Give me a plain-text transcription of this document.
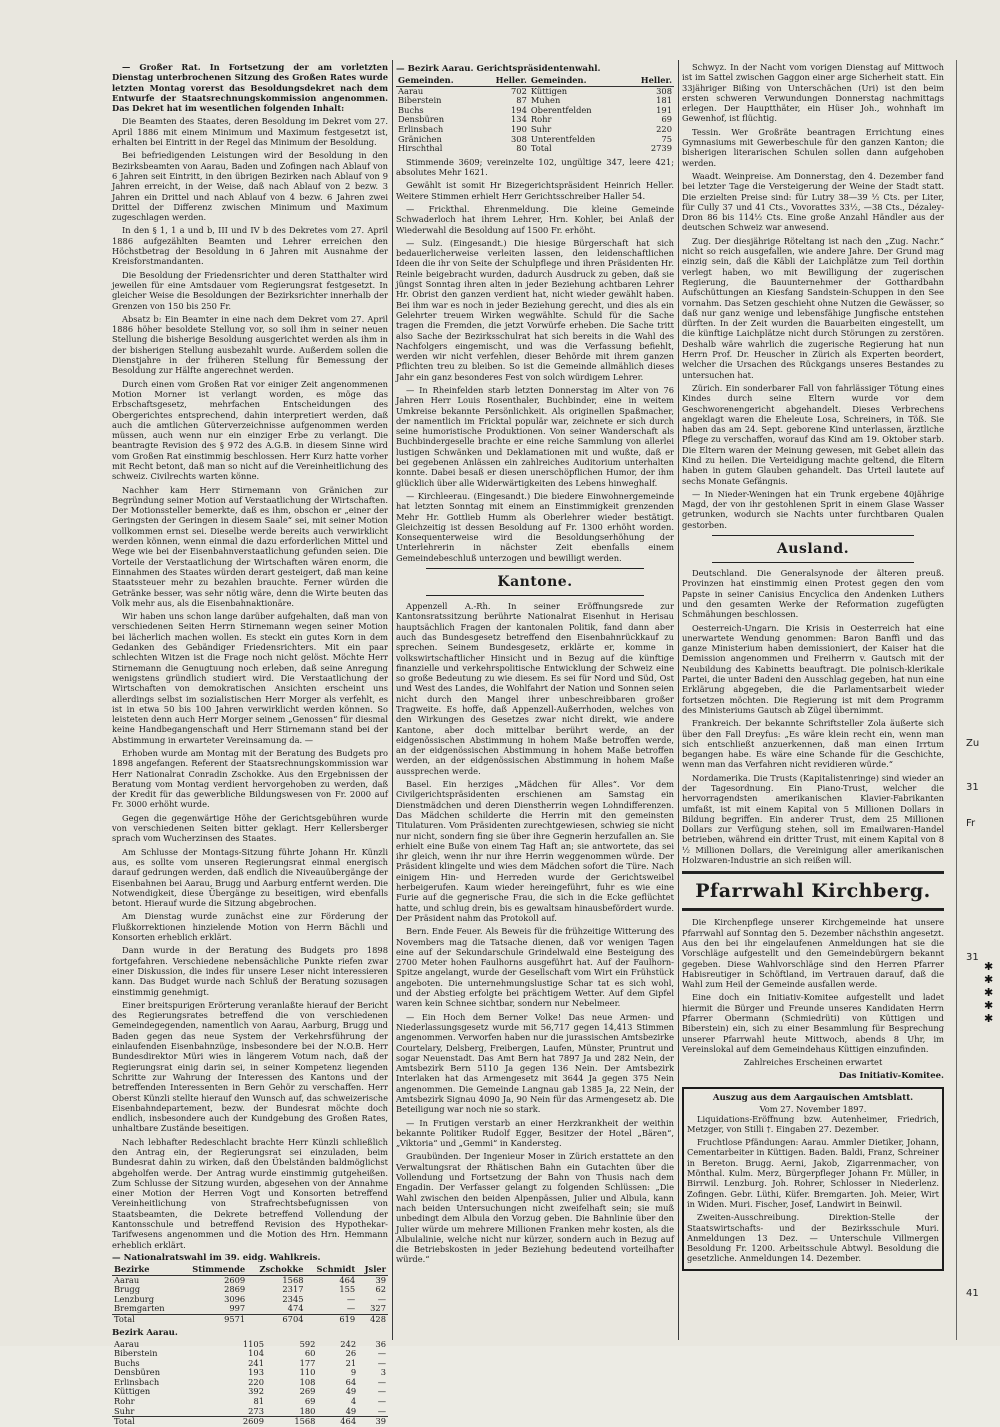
— Großer Rat. In Fortsetzung der am vorletzten Dienstag unterbrochenen Sitzung des Großen Rates wurde letzten Montag vorerst das Besoldungsdekret nach dem Entwurfe der Staatsrechnungskommission angenommen. Das Dekret hat im wesentlichen folgenden Inhalt:

Die Beamten des Staates, deren Besoldung im Dekret vom 27. April 1886 mit einem Minimum und Maximum festgesetzt ist, erhalten bei Eintritt in der Regel das Minimum der Besoldung.

Bei befriedigenden Leistungen wird der Besoldung in den Bezirksbeamten von Aarau, Baden und Zofingen nach Ablauf von 6 Jahren seit Eintritt, in den übrigen Bezirken nach Ablauf von 9 Jahren erreicht, in der Weise, daß nach Ablauf von 2 bezw. 3 Jahren ein Drittel und nach Ablauf von 4 bezw. 6 Jahren zwei Drittel der Differenz zwischen Minimum und Maximum zugeschlagen werden.

In den § 1, 1 a und b, III und IV b des Dekretes vom 27. April 1886 aufgezählten Beamten und Lehrer erreichen den Höchstbetrag der Besoldung in 6 Jahren mit Ausnahme der Kreisforstmandanten.

Die Besoldung der Friedensrichter und deren Statthalter wird jeweilen für eine Amtsdauer vom Regierungsrat festgesetzt. In gleicher Weise die Besoldungen der Bezirksrichter innerhalb der Grenzen von 150 bis 250 Fr.

Absatz b: Ein Beamter in eine nach dem Dekret vom 27. April 1886 höher besoldete Stellung vor, so soll ihm in seiner neuen Stellung die bisherige Besoldung ausgerichtet werden als ihm in der bisherigen Stellung ausbezahlt wurde. Außerdem sollen die Dienstjahre in der früheren Stellung für Bemessung der Besoldung zur Hälfte angerechnet werden.

Durch einen vom Großen Rat vor einiger Zeit angenommenen Motion Morner ist verlangt worden, es möge das Erbschaftsgesetz, mehrfachen Entscheidungen des Obergerichtes entsprechend, dahin interpretiert werden, daß auch die amtlichen Güterverzeichnisse aufgenommen werden müssen, auch wenn nur ein einziger Erbe zu verlangt. Die beantragte Revision des § 972 des A.G.B. in diesem Sinne wird vom Großen Rat einstimmig beschlossen. Herr Kurz hatte vorher mit Recht betont, daß man so nicht auf die Vereinheitlichung des schweiz. Civilrechts warten könne.

Nachher kam Herr Stirnemann von Gränichen zur Begründung seiner Motion auf Verstaatlichung der Wirtschaften. Der Motionssteller bemerkte, daß es ihm, obschon er „einer der Geringsten der Geringen in diesem Saale“ sei, mit seiner Motion vollkommen ernst sei. Dieselbe werde bereits auch verwirklicht werden können, wenn einmal die dazu erforderlichen Mittel und Wege wie bei der Eisenbahnverstaatlichung gefunden seien. Die Vorteile der Verstaatlichung der Wirtschaften wären enorm, die Einnahmen des Staates würden derart gesteigert, daß man keine Staatssteuer mehr zu bezahlen brauchte. Ferner würden die Getränke besser, was sehr nötig wäre, denn die Wirte beuten das Volk mehr aus, als die Eisenbahnaktionäre.

Wir haben uns schon lange darüber aufgehalten, daß man von verschiedenen Seiten Herrn Stirnemann wegen seiner Motion bei lächerlich machen wollen. Es steckt ein gutes Korn in dem Gedanken des Gebändiger Friedensrichters. Mit ein paar schlechten Witzen ist die Frage noch nicht gelöst. Möchte Herr Stirnemann die Genugtuung noch erleben, daß seine Anregung wenigstens gründlich studiert wird. Die Verstaatlichung der Wirtschaften von demokratischen Ansichten erscheint uns allerdings selbst im sozialistischen Herr Morger als verfehlt, es ist in etwa 50 bis 100 Jahren verwirklicht werden können. So leisteten denn auch Herr Morger seinem „Genossen“ für diesmal keine Handbegangenschaft und Herr Stirnemann stand bei der Abstimmung in erwarteter Vereinsamung da. —

Erhoben wurde am Montag mit der Beratung des Budgets pro 1898 angefangen. Referent der Staatsrechnungskommission war Herr Nationalrat Conradin Zschokke. Aus den Ergebnissen der Beratung vom Montag verdient hervorgehoben zu werden, daß der Kredit für das gewerbliche Bildungswesen von Fr. 2000 auf Fr. 3000 erhöht wurde.

Gegen die gegenwärtige Höhe der Gerichtsgebühren wurde von verschiedenen Seiten bitter geklagt. Herr Kellersberger sprach vom Wucherzinsen des Staates.

Am Schlusse der Montags-Sitzung führte Johann Hr. Künzli aus, es sollte vom unseren Regierungsrat einmal energisch darauf gedrungen werden, daß endlich die Niveauübergänge der Eisenbahnen bei Aarau, Brugg und Aarburg entfernt werden. Die Notwendigkeit, diese Übergänge zu beseitigen, wird ebenfalls betont. Hierauf wurde die Sitzung abgebrochen.

Am Dienstag wurde zunächst eine zur Förderung der Flußkorrektionen hinzielende Motion von Herrn Bächli und Konsorten erheblich erklärt.

Dann wurde in der Beratung des Budgets pro 1898 fortgefahren. Verschiedene nebensächliche Punkte riefen zwar einer Diskussion, die indes für unsere Leser nicht interessieren kann. Das Budget wurde nach Schluß der Beratung sozusagen einstimmig genehmigt.

Einer breitspurigen Erörterung veranlaßte hierauf der Bericht des Regierungsrates betreffend die von verschiedenen Gemeindegegenden, namentlich von Aarau, Aarburg, Brugg und Baden gegen das neue System der Verkehrsführung der einlaufenden Eisenbahnzüge, insbesondere bei der N.O.B. Herr Bundesdirektor Müri wies in längerem Votum nach, daß der Regierungsrat einig darin sei, in seiner Kompetenz liegenden Schritte zur Wahrung der Interessen des Kantons und der betreffenden Interessenten in Bern Gehör zu verschaffen. Herr Oberst Künzli stellte hierauf den Wunsch auf, das schweizerische Eisenbahndepartement, bezw. der Bundesrat möchte doch endlich, insbesondere auch der Kundgebung des Großen Rates, unhaltbare Zustände beseitigen.

Nach lebhafter Redeschlacht brachte Herr Künzli schließlich den Antrag ein, der Regierungsrat sei einzuladen, beim Bundesrat dahin zu wirken, daß den Übelständen baldmöglichst abgeholfen werde. Der Antrag wurde einstimmig gutgeheißen. Zum Schlusse der Sitzung wurden, abgesehen von der Annahme einer Motion der Herren Vogt und Konsorten betreffend Vereinheitlichung von Strafrechtsbefugnissen von Staatsbeamten, die Dekrete betreffend Vollendung der Kantonsschule und betreffend Revision des Hypothekar-Tarifwesens angenommen und die Motion des Hrn. Hemmann erheblich erklärt.

— Nationalratswahl im 39. eidg. Wahlkreis.
Bezirke	Stimmende	Zschokke	Schmidt	Jsler
Aarau	2609	1568	464	39
Brugg	2869	2317	155	62
Lenzburg	3096	2345	—	—
Bremgarten	997	474	—	327
Total	9571	6704	619	428
Bezirk Aarau.
Aarau	1105	592	242	36
Biberstein	104	60	26	—
Buchs	241	177	21	—
Densbüren	193	110	9	3
Erlinsbach	220	108	64	—
Küttigen	392	269	49	—
Rohr	81	69	4	—
Suhr	273	180	49	—
Total	2609	1568	464	39
— Bezirk Aarau. Gerichtspräsidentenwahl.
Gemeinden.	Heller.	Gemeinden.	Heller.
Aarau	702	Küttigen	308
Biberstein	87	Muhen	181
Buchs	194	Oberentfelden	191
Densbüren	134	Rohr	69
Erlinsbach	190	Suhr	220
Gränichen	308	Unterentfelden	75
Hirschthal	80	Total	2739

Stimmende 3609; vereinzelte 102, ungültige 347, leere 421; absolutes Mehr 1621.

Gewählt ist somit Hr Bizegerichtspräsident Heinrich Heller. Weitere Stimmen erhielt Herr Gerichtsschreiber Haller 54.

— Frickthal. Ehrenmeldung. Die kleine Gemeinde Schwaderloch hat ihrem Lehrer, Hrn. Kohler, bei Anlaß der Wiederwahl die Besoldung auf 1500 Fr. erhöht.

— Sulz. (Eingesandt.) Die hiesige Bürgerschaft hat sich bedauerlicherweise verleiten lassen, den leidenschaftlichen Ideen die ihr von Seite der Schulpflege und ihren Präsidenten Hr. Reinle beigebracht wurden, dadurch Ausdruck zu geben, daß sie jüngst Sonntag ihren alten in jeder Beziehung achtbaren Lehrer Hr. Obrist den ganzen verdient hat, nicht wieder gewählt haben. Bei ihm war es noch in jeder Beziehung gerecht, und dies als ein Gelehrter treuem Wirken wegwählte. Schuld für die Sache tragen die Fremden, die jetzt Vorwürfe erheben. Die Sache tritt also Sache der Bezirksschulrat hat sich bereits in die Wahl des Nachfolgers eingemischt, und was die Verfassung befiehlt, werden wir nicht verfehlen, dieser Behörde mit ihrem ganzen Pflichten treu zu bleiben. So ist die Gemeinde allmählich dieses Jahr ein ganz besonderes Fest von solch würdigem Lehrer.

— In Rheinfelden starb letzten Donnerstag im Alter von 76 Jahren Herr Louis Rosenthaler, Buchbinder, eine in weitem Umkreise bekannte Persönlichkeit. Als originellen Spaßmacher, der namentlich im Fricktal populär war, zeichnete er sich durch seine humoristische Produktionen. Von seiner Wanderschaft als Buchbindergeselle brachte er eine reiche Sammlung von allerlei lustigen Schwänken und Deklamationen mit und wußte, daß er bei gegebenen Anlässen ein zahlreiches Auditorium unterhalten konnte. Dabei besaß er diesen unerschöpflichen Humor, der ihm glücklich über alle Widerwärtigkeiten des Lebens hinweghalf.

— Kirchleerau. (Eingesandt.) Die biedere Einwohnergemeinde hat letzten Sonntag mit einem an Einstimmigkeit grenzenden Mehr Hr. Gottlieb Humm als Oberlehrer wieder bestätigt. Gleichzeitig ist dessen Besoldung auf Fr. 1300 erhöht worden. Konsequenterweise wird die Besoldungserhöhung der Unterlehrerin in nächster Zeit ebenfalls einem Gemeindebeschluß unterzogen und bewilligt werden.

Kantone.

Appenzell A.-Rh. In seiner Eröffnungsrede zur Kantonsratssitzung berührte Nationalrat Eisenhut in Herisau hauptsächlich Fragen der kantonalen Politik, fand dann aber auch das Bundesgesetz betreffend den Eisenbahnrückkauf zu sprechen. Seinem Bundesgesetz, erklärte er, komme in volkswirtschaftlicher Hinsicht und in Bezug auf die künftige finanzielle und verkehrspolitische Entwicklung der Schweiz eine so große Bedeutung zu wie diesem. Es sei für Nord und Süd, Ost und West des Landes, die Wohlfahrt der Nation und Sonnen seien nicht durch den Mangel ihrer unbeschreibbaren großer Tragweite. Es hoffe, daß Appenzell-Außerrhoden, welches von den Wirkungen des Gesetzes zwar nicht direkt, wie andere Kantone, aber doch mittelbar berührt werde, an der eidgenössischen Abstimmung in hohem Maße betroffen werde, an der eidgenössischen Abstimmung in hohem Maße betroffen werden, an der eidgenössischen Abstimmung in hohem Maße aussprechen werde.

Basel. Ein herziges „Mädchen für Alles“. Vor dem Civilgerichtspräsidenten erschienen am Samstag ein Dienstmädchen und deren Dienstherrin wegen Lohndifferenzen. Das Mädchen schilderte die Herrin mit den gemeinsten Titulaturen. Vom Präsidenten zurechtgewiesen, schwieg sie nicht nur nicht, sondern fing sie über ihre Gegnerin herzufallen an. Sie erhielt eine Buße von einem Tag Haft an; sie antwortete, das sei ihr gleich, wenn ihr nur ihre Herrin weggenommen würde. Der Präsident klingelte und wies dem Mädchen sofort die Türe. Nach einigem Hin- und Herreden wurde der Gerichtsweibel herbeigerufen. Kaum wieder hereingeführt, fuhr es wie eine Furie auf die gegnerische Frau, die sich in die Ecke geflüchtet hatte, und schlug drein, bis es gewaltsam hinausbefördert wurde. Der Präsident nahm das Protokoll auf.

Bern. Ende Feuer. Als Beweis für die frühzeitige Witterung des Novembers mag die Tatsache dienen, daß vor wenigen Tagen eine auf der Sekundarschule Grindelwald eine Besteigung des 2700 Meter hohen Faulhorns ausgeführt hat. Auf der Faulhorn-Spitze angelangt, wurde der Gesellschaft vom Wirt ein Frühstück angeboten. Die unternehmungslustige Schar tat es sich wohl, und der Abstieg erfolgte bei prächtigem Wetter. Auf dem Gipfel waren kein Schnee sichtbar, sondern nur Nebelmeer.

— Ein Hoch dem Berner Volke! Das neue Armen- und Niederlassungsgesetz wurde mit 56,717 gegen 14,413 Stimmen angenommen. Verworfen haben nur die jurassischen Amtsbezirke Courtelary, Delsberg, Freibergen, Laufen, Münster, Pruntrut und sogar Neuenstadt. Das Amt Bern hat 7897 Ja und 282 Nein, der Amtsbezirk Bern 5110 Ja gegen 136 Nein. Der Amtsbezirk Interlaken hat das Armengesetz mit 3644 Ja gegen 375 Nein angenommen. Die Gemeinde Langnau gab 1385 Ja, 22 Nein, der Amtsbezirk Signau 4090 Ja, 90 Nein für das Armengesetz ab. Die Beteiligung war noch nie so stark.

— In Frutigen verstarb an einer Herzkrankheit der weithin bekannte Politiker Rudolf Egger, Besitzer der Hotel „Bären“, „Viktoria“ und „Gemmi“ in Kandersteg.

Graubünden. Der Ingenieur Moser in Zürich erstattete an den Verwaltungsrat der Rhätischen Bahn ein Gutachten über die Vollendung und Fortsetzung der Bahn von Thusis nach dem Engadin. Der Verfasser gelangt zu folgenden Schlüssen: „Die Wahl zwischen den beiden Alpenpässen, Julier und Albula, kann nach beiden Untersuchungen nicht zweifelhaft sein; sie muß unbedingt dem Albula den Vorzug geben. Die Bahnlinie über den Julier würde um mehrere Millionen Franken mehr kosten, als die Albulalinie, welche nicht nur kürzer, sondern auch in Bezug auf die Betriebskosten in jeder Beziehung bedeutend vorteilhafter würde.“

Schwyz. In der Nacht vom vorigen Dienstag auf Mittwoch ist im Sattel zwischen Gaggon einer arge Sicherheit statt. Ein 33jähriger Bißing von Unterschächen (Uri) ist den beim ersten schweren Verwundungen Donnerstag nachmittags erlegen. Der Hauptthäter, ein Hüser Joh., wohnhaft im Gewenhof, ist flüchtig.

Tessin. Wer Großrätе beantragen Errichtung eines Gymnasiums mit Gewerbeschule für den ganzen Kanton; die bisherigen literarischen Schulen sollen dann aufgehoben werden.

Waadt. Weinpreise. Am Donnerstag, den 4. Dezember fand bei letzter Tage die Versteigerung der Weine der Stadt statt. Die erzielten Preise sind: für Lutry 38—39 ½ Cts. per Liter, für Cully 37 und 41 Cts., Vovorattes 33½, —38 Cts., Dézaley-Dron 86 bis 114½ Cts. Eine große Anzahl Händler aus der deutschen Schweiz war anwesend.

Zug. Der diesjährige Röteltang ist nach den „Zug. Nachr.“ nicht so reich ausgefallen, wie andere Jahre. Der Grund mag einzig sein, daß die Käbli der Laichplätze zum Teil dorthin verlegt haben, wo mit Bewilligung der zugerischen Regierung, die Bauunternehmer der Gotthardbahn Aufschüttungen an Kiesfang Sandstein-Schuppen in den See vornahm. Das Setzen geschieht ohne Nutzen die Gewässer, so daß nur ganz wenige und lebensfähige Jungfische entstehen dürften. In der Zeit wurden die Bauarbeiten eingestellt, um die künftige Laichplätze nicht durch Störungen zu zerstören. Deshalb wäre wahrlich die zugerische Regierung hat nun Herrn Prof. Dr. Heuscher in Zürich als Experten beordert, welcher die Ursachen des Rückgangs unseres Bestandes zu untersuchen hat.

Zürich. Ein sonderbarer Fall von fahrlässiger Tötung eines Kindes durch seine Eltern wurde vor dem Geschworenengericht abgehandelt. Dieses Verbrechens angeklagt waren die Eheleute Losa, Schreiners, in Töß. Sie haben das am 24. Sept. geborene Kind unterlassen, ärztliche Pflege zu verschaffen, worauf das Kind am 19. Oktober starb. Die Eltern waren der Meinung gewesen, mit Gebet allein das Kind zu heilen. Die Verteidigung machte geltend, die Eltern haben in gutem Glauben gehandelt. Das Urteil lautete auf sechs Monate Gefängnis.

— In Nieder-Weningen hat ein Trunk ergebene 40jährige Magd, der von ihr gestohlenen Sprit in einem Glase Wasser getrunken, wodurch sie Nachts unter furchtbaren Qualen gestorben.

Ausland.

Deutschland. Die Generalsynode der älteren preuß. Provinzen hat einstimmig einen Protest gegen den vom Papste in seiner Canisius Encyclica den Andenken Luthers und den gesamten Werke der Reformation zugefügten Schmähungen beschlossen.

Oesterreich-Ungarn. Die Krisis in Oesterreich hat eine unerwartete Wendung genommen: Baron Banffi und das ganze Ministerium haben demissioniert, der Kaiser hat die Demission angenommen und Freiherrn v. Gautsch mit der Neubildung des Kabinetts beauftragt. Die polnisch-klerikale Partei, die unter Badeni den Ausschlag gegeben, hat nun eine Erklärung abgegeben, die die Parlamentsarbeit wieder fortsetzen möchten. Die Regierung ist mit dem Programm des Ministeriums Gautsch ab Zügel übernimmt.

Frankreich. Der bekannte Schriftsteller Zola äußerte sich über den Fall Dreyfus: „Es wäre klein recht ein, wenn man sich entschließt anzuerkennen, daß man einen Irrtum begangen habe. Es wäre eine Schande für die Geschichte, wenn man das Verfahren nicht revidieren würde.“

Nordamerika. Die Trusts (Kapitalistenringe) sind wieder an der Tagesordnung. Ein Piano-Trust, welcher die hervorragendsten amerikanischen Klavier-Fabrikanten umfaßt, ist mit einem Kapital von 5 Millionen Dollars in Bildung begriffen. Ein anderer Trust, dem 25 Millionen Dollars zur Verfügung stehen, soll im Emailwaren-Handel betrieben, während ein dritter Trust, mit einem Kapital von 8 ½ Millionen Dollars, die Vereinigung aller amerikanischen Holzwaren-Industrie an sich reißen will.

Pfarrwahl Kirchberg.

Die Kirchenpflege unserer Kirchgemeinde hat unsere Pfarrwahl auf Sonntag den 5. Dezember nächsthin angesetzt. Aus den bei ihr eingelaufenen Anmeldungen hat sie die Vorschläge aufgestellt und den Gemeindebürgern bekannt gegeben. Diese Wahlvorschläge sind den Herren Pfarrer Habisreutiger in Schöftland, im Vertrauen darauf, daß die Wahl zum Heil der Gemeinde ausfallen werde.

Eine doch ein Initiativ-Komitee aufgestellt und ladet hiermit die Bürger und Freunde unseres Kandidaten Herrn Pfarrer Obermann (Schmiedrüti) von Küttigen und Biberstein) ein, sich zu einer Besammlung für Besprechung unserer Pfarrwahl heute Mittwoch, abends 8 Uhr, im Vereinslokal auf dem Gemeindehaus Küttigen einzufinden.

Zahlreiches Erscheinen erwartet

Das Initiativ-Komitee.
Auszug aus dem Aargauischen Amtsblatt.
Vom 27. November 1897.

Liquidations-Eröffnung bzw. Autenheimer, Friedrich, Metzger, von Stilli †. Eingaben 27. Dezember.

Fruchtlose Pfändungen: Aarau. Ammler Dietiker, Johann, Cementarbeiter in Küttigen. Baden. Baldi, Franz, Schreiner in Bereton. Brugg. Aerni, Jakob, Zigarrenmacher, von Mönthal. Kulm. Merz, Bürgerpfleger Johann Fr. Müller, in Birrwil. Lenzburg. Joh. Rohrer, Schlosser in Niederlenz. Zofingen. Gebr. Lüthi, Küfer. Bremgarten. Joh. Meier, Wirt in Widen. Muri. Fischer, Josef, Landwirt in Beinwil.

Zweiten-Ausschreibung. Direktion-Stelle der Staatswirtschafts- und der Bezirksschule Muri. Anmeldungen 13 Dez. — Unterschule Villmergen Besoldung Fr. 1200. Arbeitsschule Abtwyl. Besoldung die gesetzliche. Anmeldungen 14. Dezember.

Zu
31
Fr
31
41
✱
✱
✱
✱
✱
